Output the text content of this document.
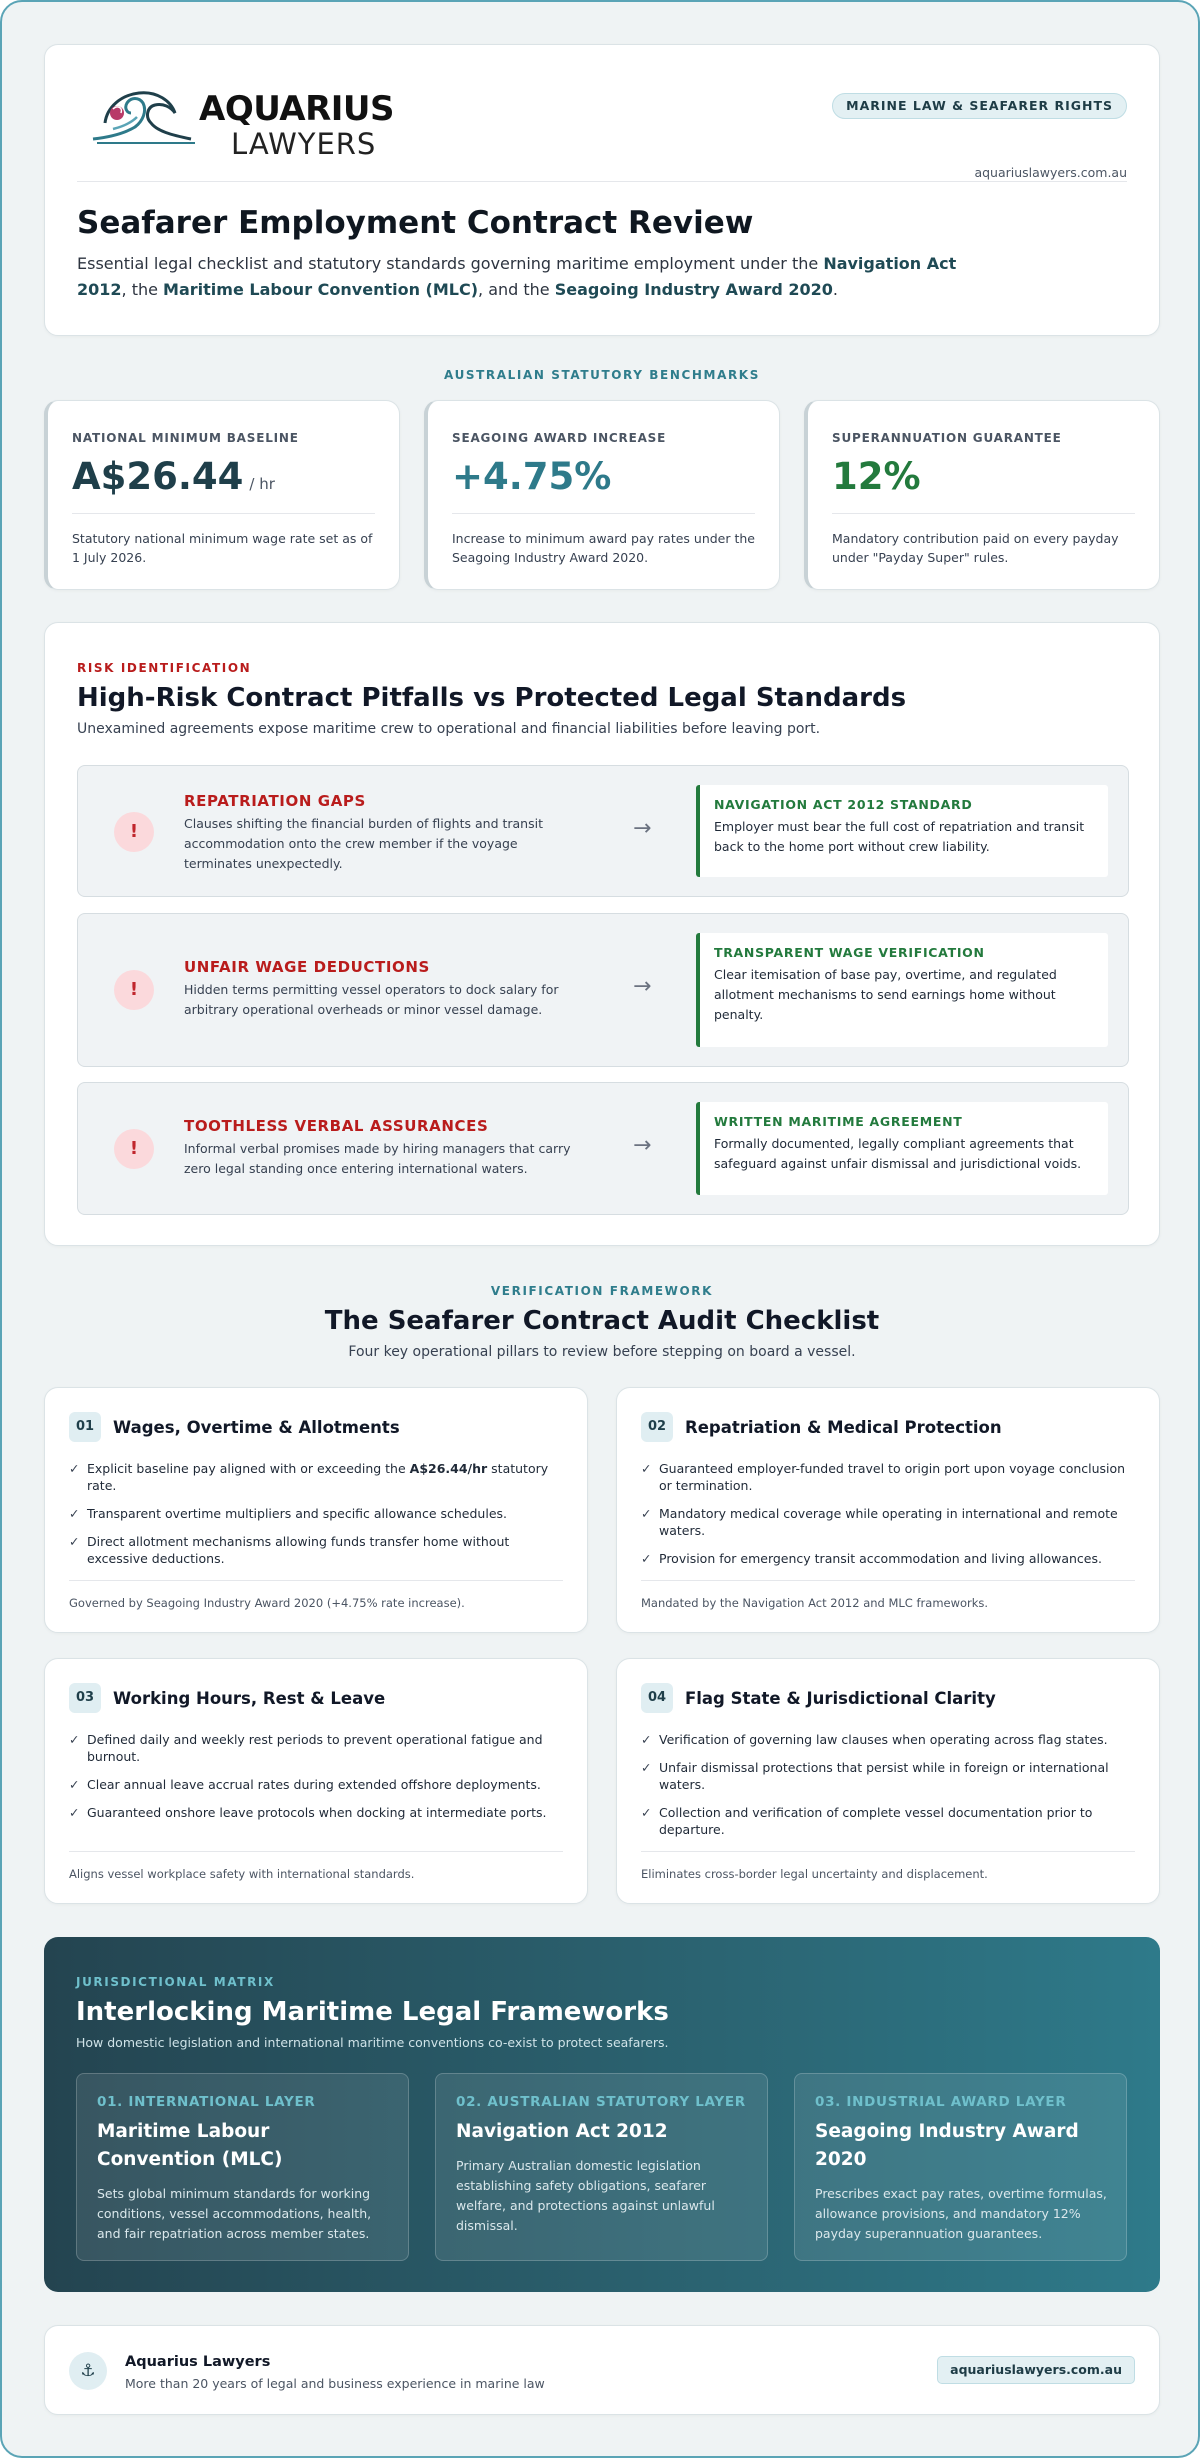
AQUARIUS
LAWYERS
MARINE LAW & SEAFARER RIGHTS
aquariuslawyers.com.au
Seafarer Employment Contract Review
Essential legal checklist and statutory standards governing maritime employment under the Navigation Act 2012, the Maritime Labour Convention (MLC), and the Seagoing Industry Award 2020.
AUSTRALIAN STATUTORY BENCHMARKS
NATIONAL MINIMUM BASELINE
A$26.44 / hr
Statutory national minimum wage rate set as of 1 July 2026.
SEAGOING AWARD INCREASE
+4.75%
Increase to minimum award pay rates under the Seagoing Industry Award 2020.
SUPERANNUATION GUARANTEE
12%
Mandatory contribution paid on every payday under "Payday Super" rules.
RISK IDENTIFICATION
High-Risk Contract Pitfalls vs Protected Legal Standards
Unexamined agreements expose maritime crew to operational and financial liabilities before leaving port.
!
REPATRIATION GAPS
Clauses shifting the financial burden of flights and transit accommodation onto the crew member if the voyage terminates unexpectedly.
→
NAVIGATION ACT 2012 STANDARD
Employer must bear the full cost of repatriation and transit back to the home port without crew liability.
!
UNFAIR WAGE DEDUCTIONS
Hidden terms permitting vessel operators to dock salary for arbitrary operational overheads or minor vessel damage.
→
TRANSPARENT WAGE VERIFICATION
Clear itemisation of base pay, overtime, and regulated allotment mechanisms to send earnings home without penalty.
!
TOOTHLESS VERBAL ASSURANCES
Informal verbal promises made by hiring managers that carry zero legal standing once entering international waters.
→
WRITTEN MARITIME AGREEMENT
Formally documented, legally compliant agreements that safeguard against unfair dismissal and jurisdictional voids.
VERIFICATION FRAMEWORK
The Seafarer Contract Audit Checklist
Four key operational pillars to review before stepping on board a vessel.
01	Wages, Overtime & Allotments
✓ Explicit baseline pay aligned with or exceeding the A$26.44/hr statutory rate.
✓ Transparent overtime multipliers and specific allowance schedules.
✓ Direct allotment mechanisms allowing funds transfer home without excessive deductions.
Governed by Seagoing Industry Award 2020 (+4.75% rate increase).
02	Repatriation & Medical Protection
✓ Guaranteed employer-funded travel to origin port upon voyage conclusion or termination.
✓ Mandatory medical coverage while operating in international and remote waters.
✓ Provision for emergency transit accommodation and living allowances.
Mandated by the Navigation Act 2012 and MLC frameworks.
03	Working Hours, Rest & Leave
✓ Defined daily and weekly rest periods to prevent operational fatigue and burnout.
✓ Clear annual leave accrual rates during extended offshore deployments.
✓ Guaranteed onshore leave protocols when docking at intermediate ports.
Aligns vessel workplace safety with international standards.
04	Flag State & Jurisdictional Clarity
✓ Verification of governing law clauses when operating across flag states.
✓ Unfair dismissal protections that persist while in foreign or international waters.
✓ Collection and verification of complete vessel documentation prior to departure.
Eliminates cross-border legal uncertainty and displacement.
JURISDICTIONAL MATRIX
Interlocking Maritime Legal Frameworks
How domestic legislation and international maritime conventions co-exist to protect seafarers.
01. INTERNATIONAL LAYER
Maritime Labour Convention (MLC)
Sets global minimum standards for working conditions, vessel accommodations, health, and fair repatriation across member states.
02. AUSTRALIAN STATUTORY LAYER
Navigation Act 2012
Primary Australian domestic legislation establishing safety obligations, seafarer welfare, and protections against unlawful dismissal.
03. INDUSTRIAL AWARD LAYER
Seagoing Industry Award 2020
Prescribes exact pay rates, overtime formulas, allowance provisions, and mandatory 12% payday superannuation guarantees.
⚓	Aquarius Lawyers
More than 20 years of legal and business experience in marine law
aquariuslawyers.com.au
